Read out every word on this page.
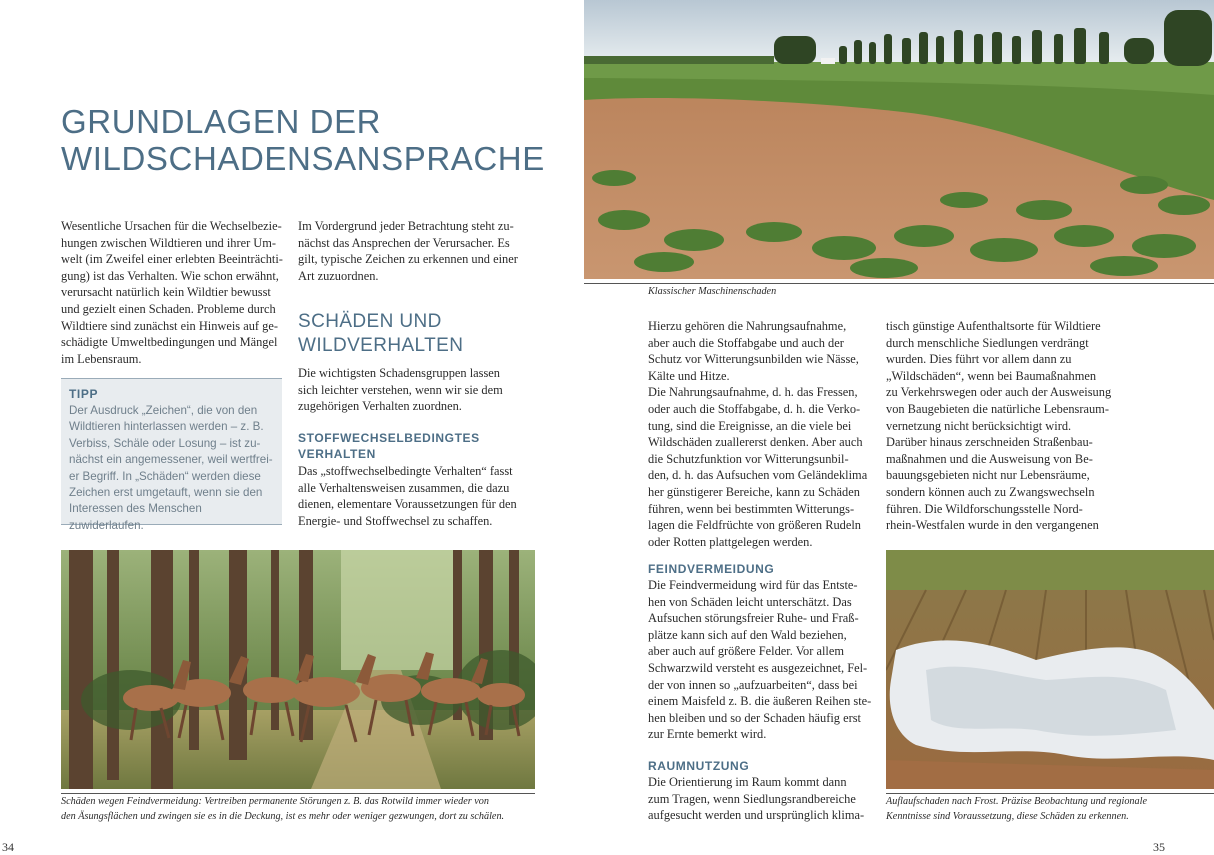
GRUNDLAGEN DER
WILDSCHADENSANSPRACHE
Wesentliche Ursachen für die Wechselbezie-
hungen zwischen Wildtieren und ihrer Um-
welt (im Zweifel einer erlebten Beeinträchti-
gung) ist das Verhalten. Wie schon erwähnt,
verursacht natürlich kein Wildtier bewusst
und gezielt einen Schaden. Probleme durch
Wildtiere sind zunächst ein Hinweis auf ge-
schädigte Umweltbedingungen und Mängel
im Lebensraum.
TIPP
Der Ausdruck „Zeichen“, die von den
Wildtieren hinterlassen werden – z. B.
Verbiss, Schäle oder Losung – ist zu-
nächst ein angemessener, weil wertfrei-
er Begriff. In „Schäden“ werden diese
Zeichen erst umgetauft, wenn sie den
Interessen des Menschen zuwiderlaufen.
Im Vordergrund jeder Betrachtung steht zu-
nächst das Ansprechen der Verursacher. Es
gilt, typische Zeichen zu erkennen und einer
Art zuzuordnen.
SCHÄDEN UND
WILDVERHALTEN
Die wichtigsten Schadensgruppen lassen
sich leichter verstehen, wenn wir sie dem
zugehörigen Verhalten zuordnen.
STOFFWECHSELBEDINGTES
VERHALTEN
Das „stoffwechselbedingte Verhalten“ fasst
alle Verhaltensweisen zusammen, die dazu
dienen, elementare Voraussetzungen für den
Energie- und Stoffwechsel zu schaffen.
Schäden wegen Feindvermeidung: Vertreiben permanente Störungen z. B. das Rotwild immer wieder von
den Äsungsflächen und zwingen sie es in die Deckung, ist es mehr oder weniger gezwungen, dort zu schälen.
34
Klassischer Maschinenschaden
Hierzu gehören die Nahrungsaufnahme,
aber auch die Stoffabgabe und auch der
Schutz vor Witterungsunbilden wie Nässe,
Kälte und Hitze.
Die Nahrungsaufnahme, d. h. das Fressen,
oder auch die Stoffabgabe, d. h. die Verko-
tung, sind die Ereignisse, an die viele bei
Wildschäden zuallererst denken. Aber auch
die Schutzfunktion vor Witterungsunbil-
den, d. h. das Aufsuchen vom Geländeklima
her günstigerer Bereiche, kann zu Schäden
führen, wenn bei bestimmten Witterungs-
lagen die Feldfrüchte von größeren Rudeln
oder Rotten plattgelegen werden.
FEINDVERMEIDUNG
Die Feindvermeidung wird für das Entste-
hen von Schäden leicht unterschätzt. Das
Aufsuchen störungsfreier Ruhe- und Fraß-
plätze kann sich auf den Wald beziehen,
aber auch auf größere Felder. Vor allem
Schwarzwild versteht es ausgezeichnet, Fel-
der von innen so „aufzuarbeiten“, dass bei
einem Maisfeld z. B. die äußeren Reihen ste-
hen bleiben und so der Schaden häufig erst
zur Ernte bemerkt wird.
RAUMNUTZUNG
Die Orientierung im Raum kommt dann
zum Tragen, wenn Siedlungsrandbereiche
aufgesucht werden und ursprünglich klima-
tisch günstige Aufenthaltsorte für Wildtiere
durch menschliche Siedlungen verdrängt
wurden. Dies führt vor allem dann zu
„Wildschäden“, wenn bei Baumaßnahmen
zu Verkehrswegen oder auch der Ausweisung
von Baugebieten die natürliche Lebensraum-
vernetzung nicht berücksichtigt wird.
Darüber hinaus zerschneiden Straßenbau-
maßnahmen und die Ausweisung von Be-
bauungsgebieten nicht nur Lebensräume,
sondern können auch zu Zwangswechseln
führen. Die Wildforschungsstelle Nord-
rhein-Westfalen wurde in den vergangenen
Auflaufschaden nach Frost. Präzise Beobachtung und regionale
Kenntnisse sind Voraussetzung, diese Schäden zu erkennen.
35
